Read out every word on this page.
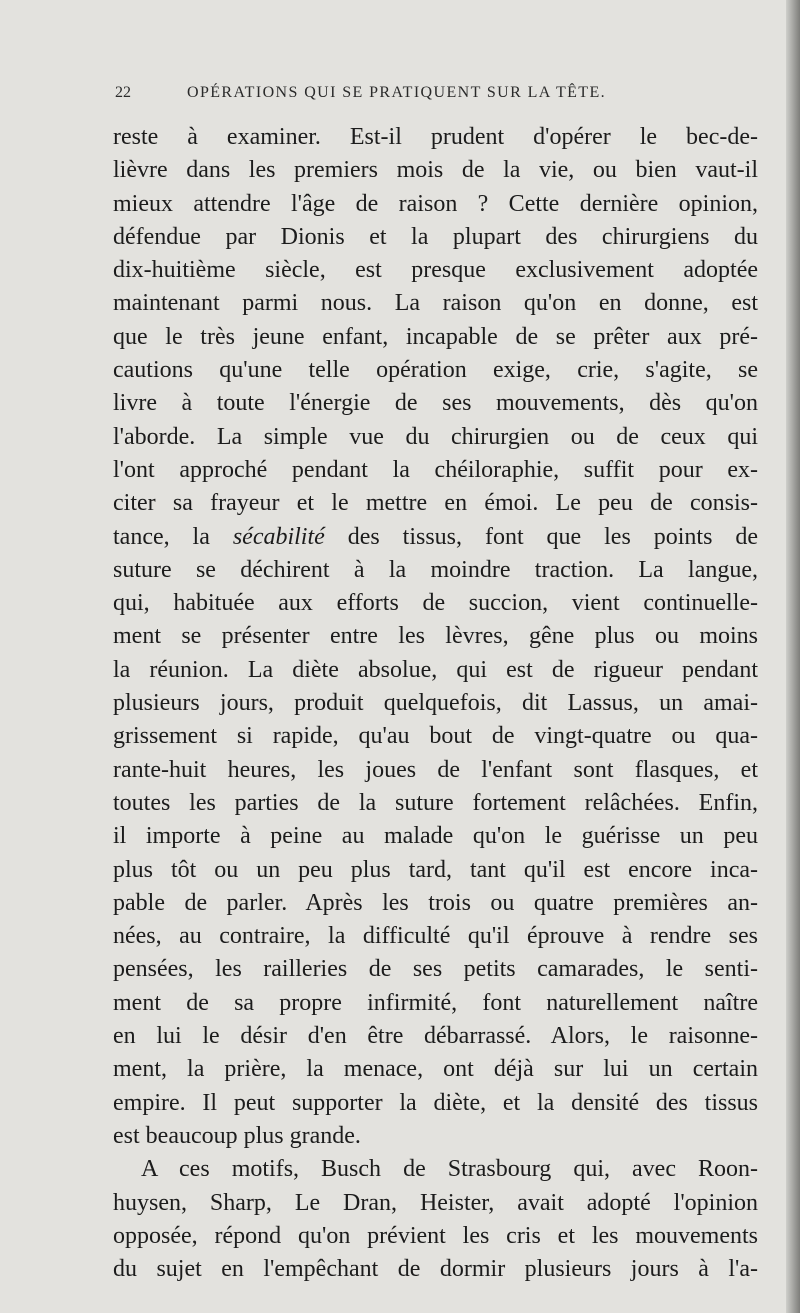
22	OPÉRATIONS QUI SE PRATIQUENT SUR LA TÊTE.
reste à examiner. Est-il prudent d'opérer le bec-de-
lièvre dans les premiers mois de la vie, ou bien vaut-il
mieux attendre l'âge de raison ? Cette dernière opinion,
défendue par Dionis et la plupart des chirurgiens du
dix-huitième siècle, est presque exclusivement adoptée
maintenant parmi nous. La raison qu'on en donne, est
que le très jeune enfant, incapable de se prêter aux pré-
cautions qu'une telle opération exige, crie, s'agite, se
livre à toute l'énergie de ses mouvements, dès qu'on
l'aborde. La simple vue du chirurgien ou de ceux qui
l'ont approché pendant la chéiloraphie, suffit pour ex-
citer sa frayeur et le mettre en émoi. Le peu de consis-
tance, la sécabilité des tissus, font que les points de
suture se déchirent à la moindre traction. La langue,
qui, habituée aux efforts de succion, vient continuelle-
ment se présenter entre les lèvres, gêne plus ou moins
la réunion. La diète absolue, qui est de rigueur pendant
plusieurs jours, produit quelquefois, dit Lassus, un amai-
grissement si rapide, qu'au bout de vingt-quatre ou qua-
rante-huit heures, les joues de l'enfant sont flasques, et
toutes les parties de la suture fortement relâchées. Enfin,
il importe à peine au malade qu'on le guérisse un peu
plus tôt ou un peu plus tard, tant qu'il est encore inca-
pable de parler. Après les trois ou quatre premières an-
nées, au contraire, la difficulté qu'il éprouve à rendre ses
pensées, les railleries de ses petits camarades, le senti-
ment de sa propre infirmité, font naturellement naître
en lui le désir d'en être débarrassé. Alors, le raisonne-
ment, la prière, la menace, ont déjà sur lui un certain
empire. Il peut supporter la diète, et la densité des tissus
est beaucoup plus grande.
A ces motifs, Busch de Strasbourg qui, avec Roon-
huysen, Sharp, Le Dran, Heister, avait adopté l'opinion
opposée, répond qu'on prévient les cris et les mouvements
du sujet en l'empêchant de dormir plusieurs jours à l'a-
